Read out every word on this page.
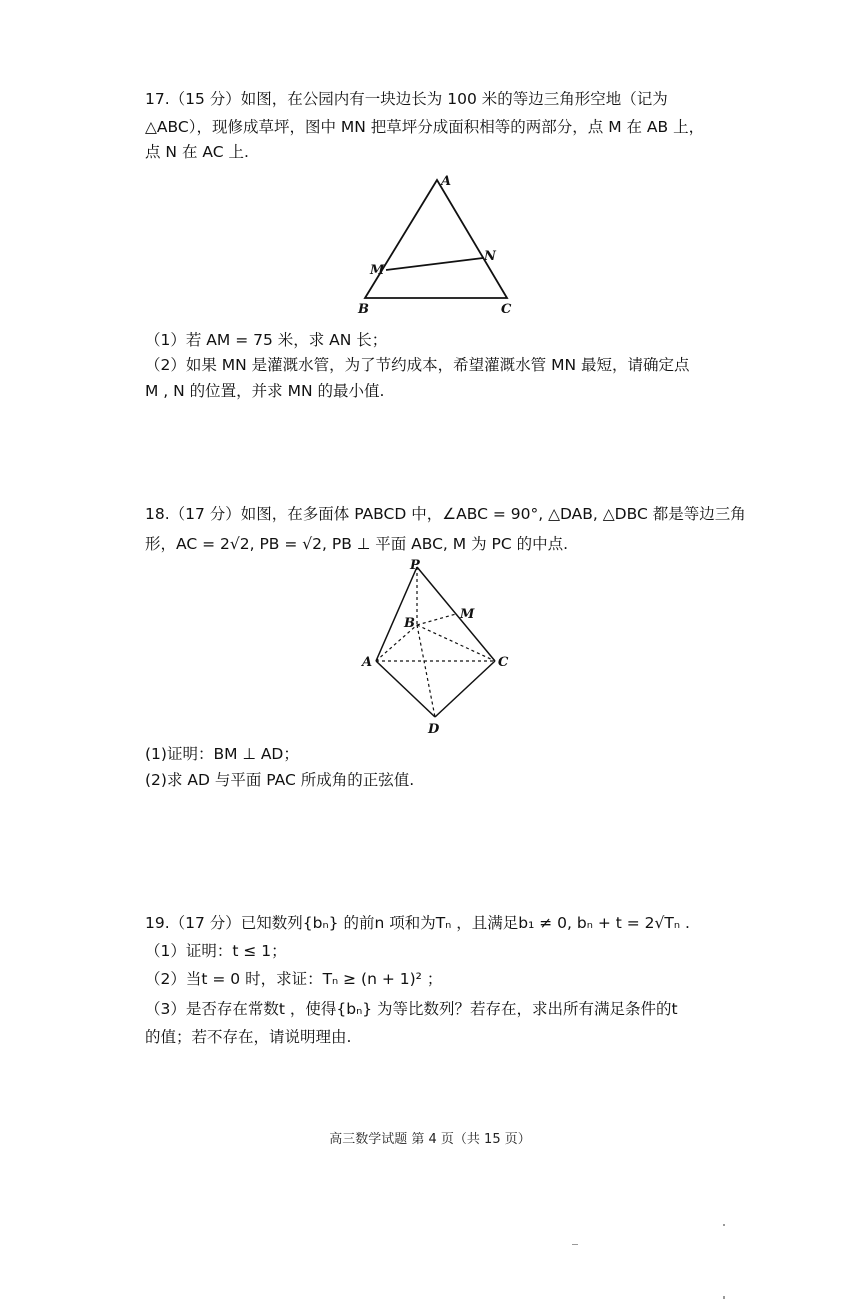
17.（15 分）如图，在公园内有一块边长为 100 米的等边三角形空地（记为
△ABC），现修成草坪，图中 MN 把草坪分成面积相等的两部分，点 M 在 AB 上，
点 N 在 AC 上.
A
B	C
M
N
（1）若 AM = 75 米，求 AN 长；
（2）如果 MN 是灌溉水管，为了节约成本，希望灌溉水管 MN 最短，请确定点
M , N 的位置，并求 MN 的最小值.
18.（17 分）如图，在多面体 PABCD 中，∠ABC = 90°, △DAB, △DBC 都是等边三角
形，AC = 2√2, PB = √2, PB ⊥ 平面 ABC, M 为 PC 的中点.
P
M
B
A	C
D
(1)证明：BM ⊥ AD；
(2)求 AD 与平面 PAC 所成角的正弦值.
19.（17 分）已知数列{bₙ} 的前n 项和为Tₙ ，且满足b₁ ≠ 0, bₙ + t = 2√Tₙ .
（1）证明：t ≤ 1；
（2）当t = 0 时，求证：Tₙ ≥ (n + 1)² ；
（3）是否存在常数t ，使得{bₙ} 为等比数列？若存在，求出所有满足条件的t
的值；若不存在，请说明理由.
高三数学试题 第 4 页（共 15 页）
